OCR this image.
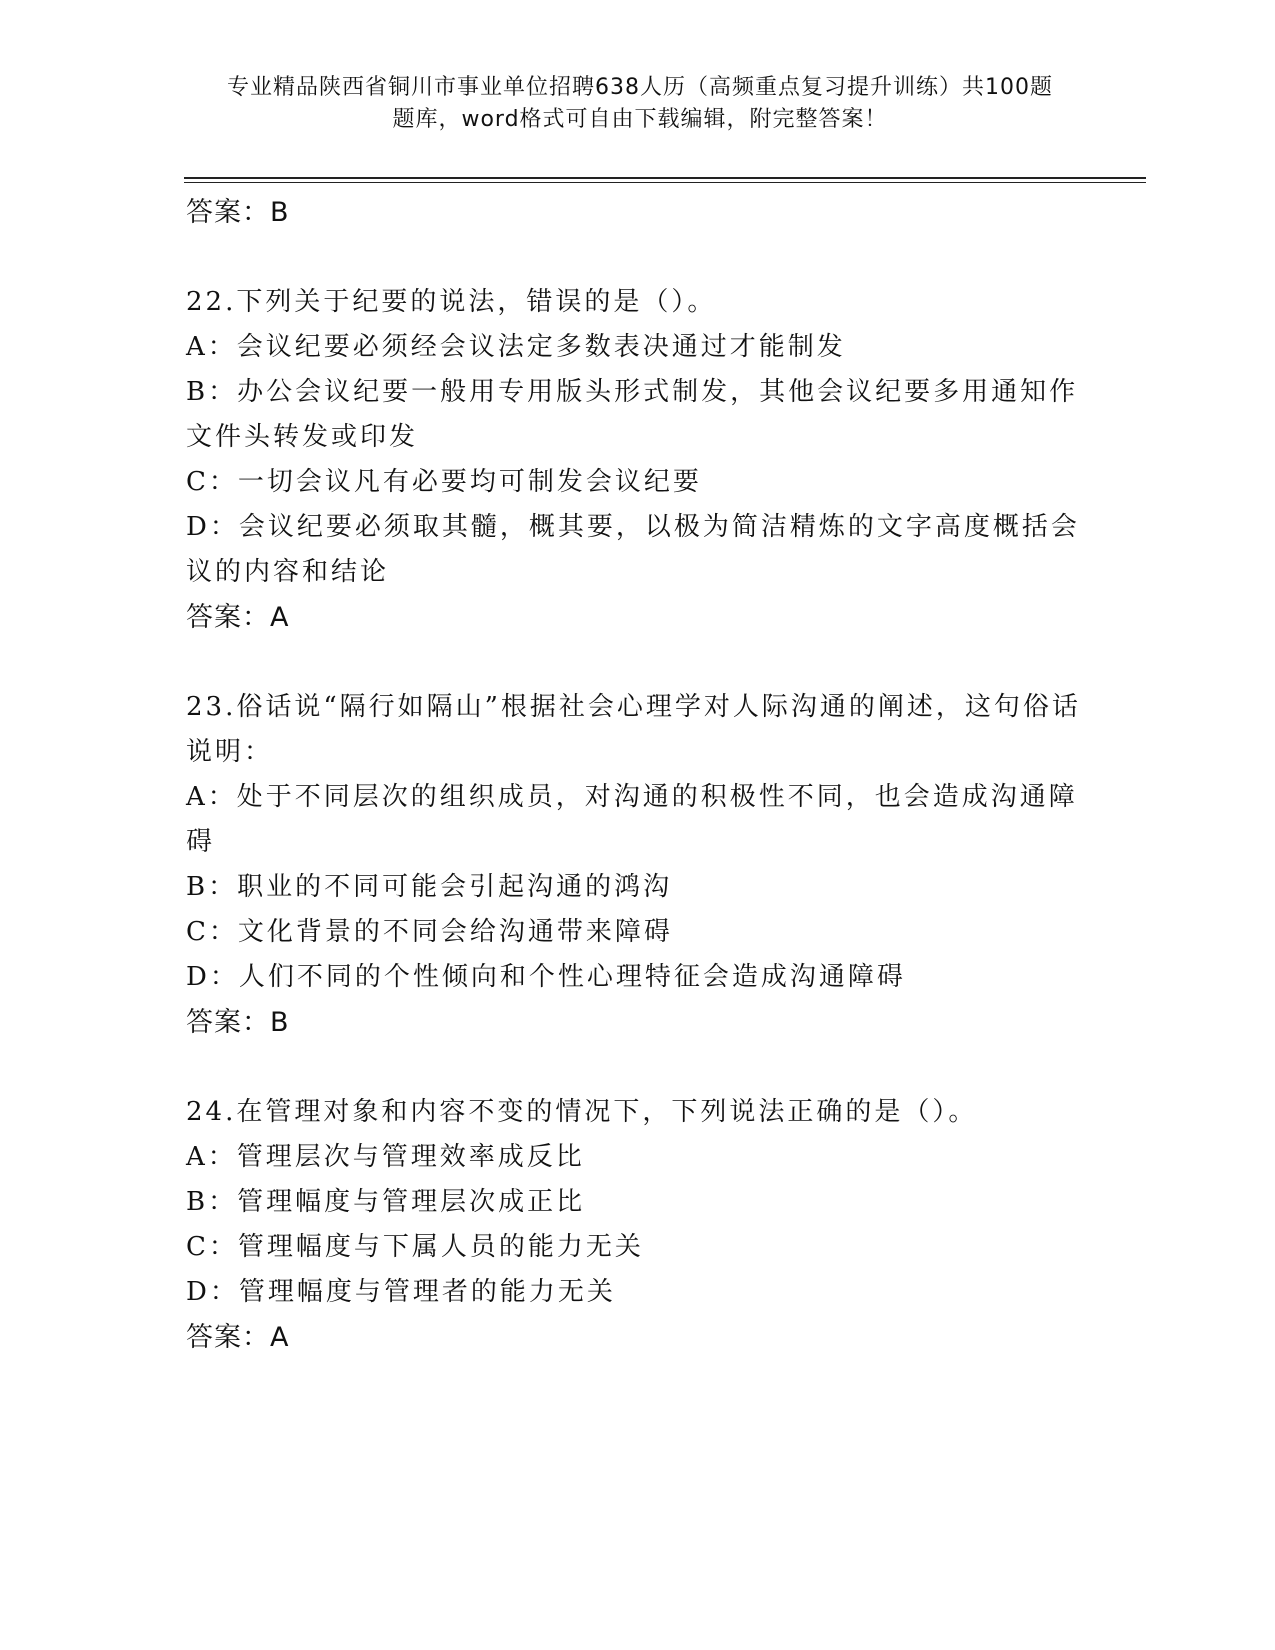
专业精品陕西省铜川市事业单位招聘638人历（高频重点复习提升训练）共100题
题库，word格式可自由下载编辑，附完整答案！
答案：B

22.下列关于纪要的说法，错误的是（）。

A：会议纪要必须经会议法定多数表决通过才能制发

B：办公会议纪要一般用专用版头形式制发，其他会议纪要多用通知作文件头转发或印发

C：一切会议凡有必要均可制发会议纪要

D：会议纪要必须取其髓，概其要，以极为简洁精炼的文字高度概括会议的内容和结论

答案：A

23.俗话说“隔行如隔山”根据社会心理学对人际沟通的阐述，这句俗话说明：

A：处于不同层次的组织成员，对沟通的积极性不同，也会造成沟通障碍

B：职业的不同可能会引起沟通的鸿沟

C：文化背景的不同会给沟通带来障碍

D：人们不同的个性倾向和个性心理特征会造成沟通障碍

答案：B

24.在管理对象和内容不变的情况下，下列说法正确的是（）。

A：管理层次与管理效率成反比

B：管理幅度与管理层次成正比

C：管理幅度与下属人员的能力无关

D：管理幅度与管理者的能力无关

答案：A
